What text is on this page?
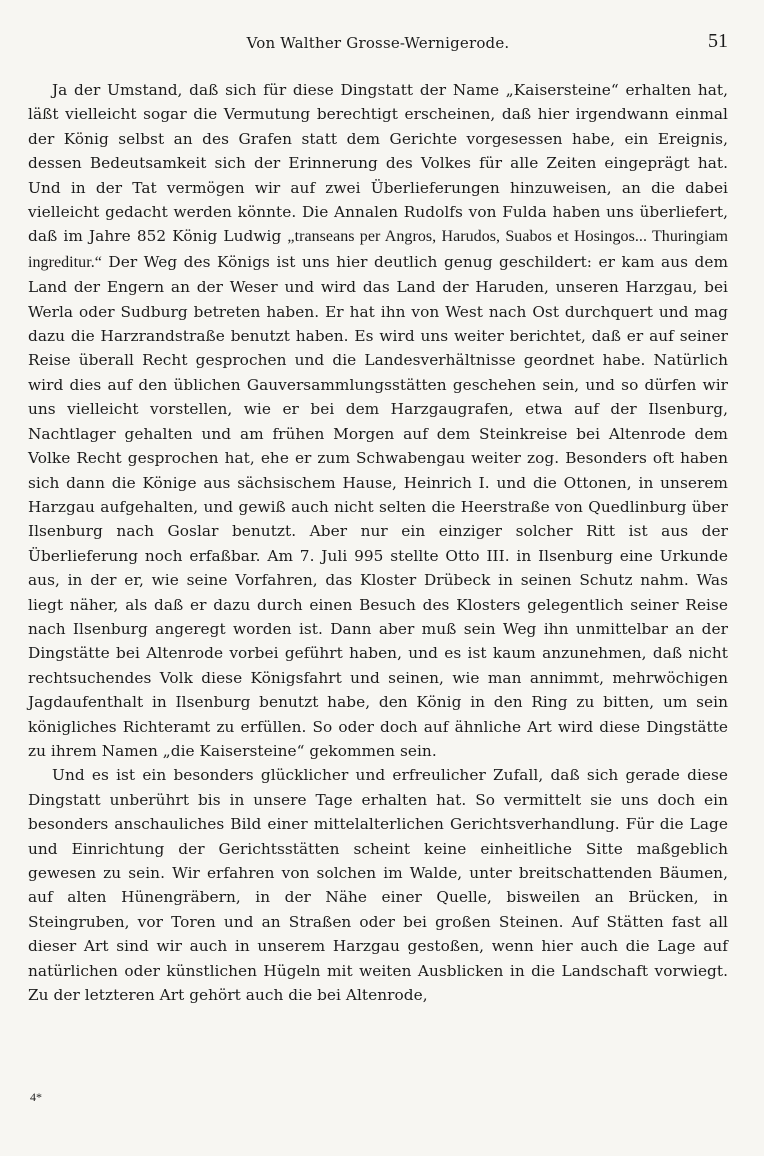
Von Walther Grosse-Wernigerode.	51

Ja der Umstand, daß sich für diese Dingstatt der Name „Kaisersteine“ erhalten hat, läßt vielleicht sogar die Vermutung berechtigt erscheinen, daß hier irgendwann einmal der König selbst an des Grafen statt dem Gerichte vorgesessen habe, ein Ereignis, dessen Bedeutsamkeit sich der Erinnerung des Volkes für alle Zeiten eingeprägt hat. Und in der Tat vermögen wir auf zwei Überlieferungen hinzuweisen, an die dabei vielleicht gedacht werden könnte. Die Annalen Rudolfs von Fulda haben uns überliefert, daß im Jahre 852 König Ludwig „transeans per Angros, Harudos, Suabos et Hosingos... Thuringiam ingreditur.“ Der Weg des Königs ist uns hier deutlich genug geschildert: er kam aus dem Land der Engern an der Weser und wird das Land der Haruden, unseren Harzgau, bei Werla oder Sudburg betreten haben. Er hat ihn von West nach Ost durchquert und mag dazu die Harzrandstraße benutzt haben. Es wird uns weiter berichtet, daß er auf seiner Reise überall Recht gesprochen und die Landesverhältnisse geordnet habe. Natürlich wird dies auf den üblichen Gauversammlungsstätten geschehen sein, und so dürfen wir uns vielleicht vorstellen, wie er bei dem Harzgaugrafen, etwa auf der Ilsenburg, Nachtlager gehalten und am frühen Morgen auf dem Steinkreise bei Altenrode dem Volke Recht gesprochen hat, ehe er zum Schwabengau weiter zog. Besonders oft haben sich dann die Könige aus sächsischem Hause, Heinrich I. und die Ottonen, in unserem Harzgau aufgehalten, und gewiß auch nicht selten die Heerstraße von Quedlinburg über Ilsenburg nach Goslar benutzt. Aber nur ein einziger solcher Ritt ist aus der Überlieferung noch erfaßbar. Am 7. Juli 995 stellte Otto III. in Ilsenburg eine Urkunde aus, in der er, wie seine Vorfahren, das Kloster Drübeck in seinen Schutz nahm. Was liegt näher, als daß er dazu durch einen Besuch des Klosters gelegentlich seiner Reise nach Ilsenburg angeregt worden ist. Dann aber muß sein Weg ihn unmittelbar an der Dingstätte bei Altenrode vorbei geführt haben, und es ist kaum anzunehmen, daß nicht rechtsuchendes Volk diese Königsfahrt und seinen, wie man annimmt, mehrwöchigen Jagdaufenthalt in Ilsenburg benutzt habe, den König in den Ring zu bitten, um sein königliches Richteramt zu erfüllen. So oder doch auf ähnliche Art wird diese Dingstätte zu ihrem Namen „die Kaisersteine“ gekommen sein.

Und es ist ein besonders glücklicher und erfreulicher Zufall, daß sich gerade diese Dingstatt unberührt bis in unsere Tage erhalten hat. So vermittelt sie uns doch ein besonders anschauliches Bild einer mittelalterlichen Gerichtsverhandlung. Für die Lage und Einrichtung der Gerichtsstätten scheint keine einheitliche Sitte maßgeblich gewesen zu sein. Wir erfahren von solchen im Walde, unter breitschattenden Bäumen, auf alten Hünengräbern, in der Nähe einer Quelle, bisweilen an Brücken, in Steingruben, vor Toren und an Straßen oder bei großen Steinen. Auf Stätten fast all dieser Art sind wir auch in unserem Harzgau gestoßen, wenn hier auch die Lage auf natürlichen oder künstlichen Hügeln mit weiten Ausblicken in die Landschaft vorwiegt. Zu der letzteren Art gehört auch die bei Altenrode,

4*
